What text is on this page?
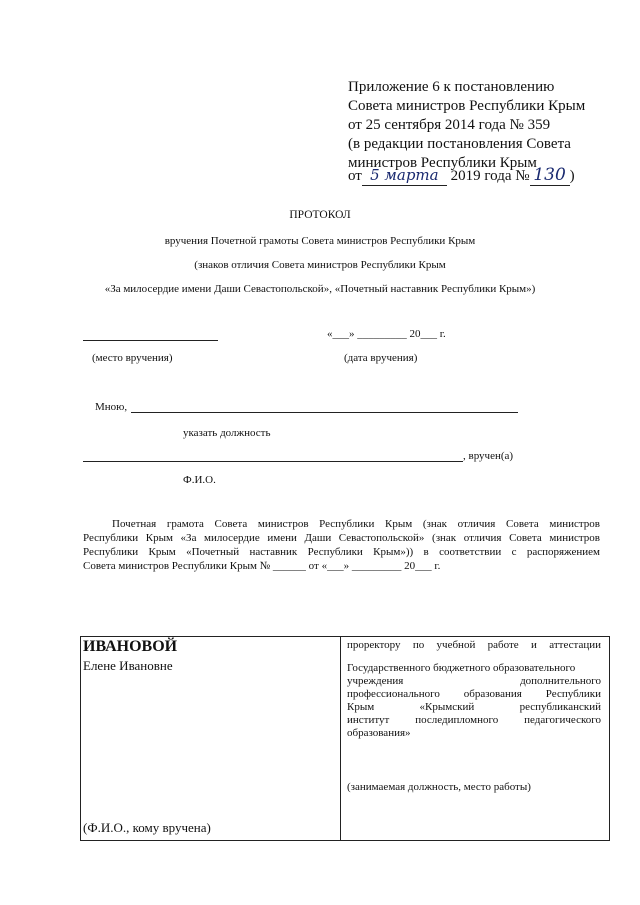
Приложение 6 к постановлению
Совета министров Республики Крым
от 25 сентября 2014 года № 359
(в редакции постановления Совета
министров Республики Крым
от 5 марта 2019 года № 130 )
ПРОТОКОЛ
вручения Почетной грамоты Совета министров Республики Крым
(знаков отличия Совета министров Республики Крым
«За милосердие имени Даши Севастопольской», «Почетный наставник Республики Крым»)
«___» _________ 20___ г.
(место вручения)	(дата вручения)
Мною,
указать должность
, вручен(а)
Ф.И.О.
Почетная грамота Совета министров Республики Крым (знак отличия Совета министров
Республики Крым «За милосердие имени Даши Севастопольской» (знак отличия Совета министров
Республики Крым «Почетный наставник Республики Крым»)) в соответствии с распоряжением
Совета министров Республики Крым № ______ от «___» _________ 20___ г.
ИВАНОВОЙ
Елене Ивановне
(Ф.И.О., кому вручена)
проректору по учебной работе и аттестации
Государственного бюджетного образовательного
учреждения дополнительного
профессионального образования Республики
Крым «Крымский республиканский
институт последипломного педагогического
образования»
(занимаемая должность, место работы)
